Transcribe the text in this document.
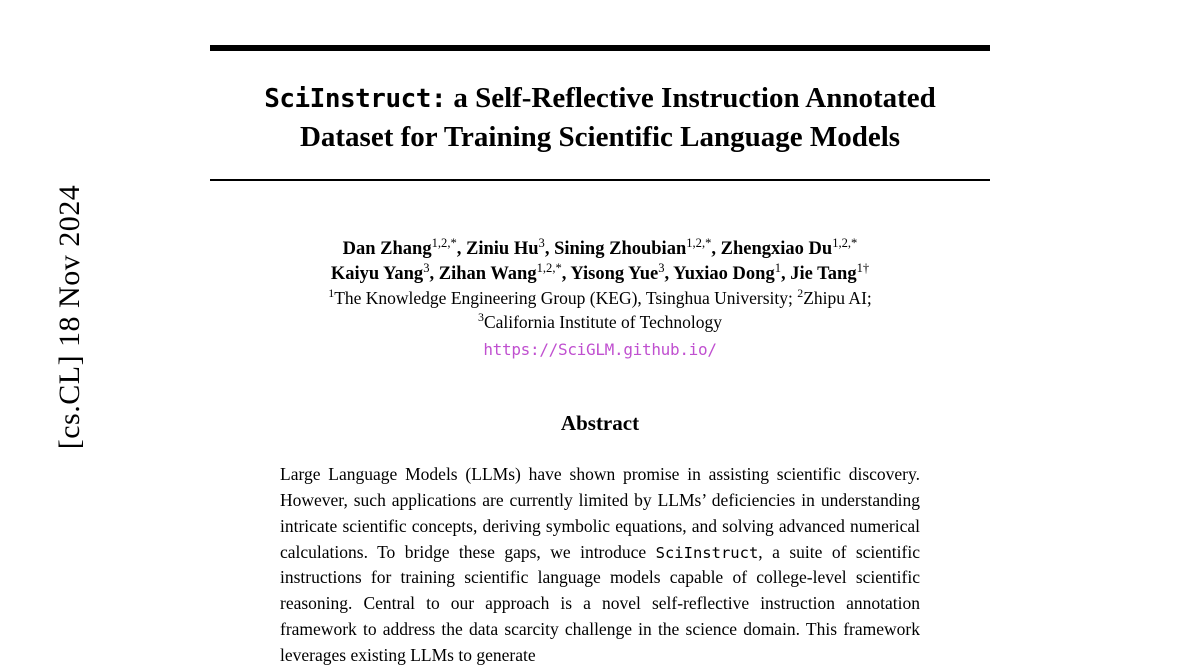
[cs.CL] 18 Nov 2024
SciInstruct: a Self-Reflective Instruction Annotated
Dataset for Training Scientific Language Models
Dan Zhang$^{1,2,*}$, Ziniu Hu$^3$, Sining Zhoubian$^{1,2,*}$, Zhengxiao $Du^{1,2,*}$
Kaiyu Yang$^3$, Zihan Wang$^{1,2,*}$, Yisong Yue$^3$, Yuxiao Dong$^1$, Jie Tang$^{1\dagger}$
$^1$The Knowledge Engineering Group (KEG), Tsinghua University; $^2$Zhipu AI;
$^3$California Institute of Technology
https://SciGLM.github.io/
Abstract
Large Language Models (LLMs) have shown promise in assisting scientific discovery. However, such applications are currently limited by LLMs’ deficiencies in understanding intricate scientific concepts, deriving symbolic equations, and solving advanced numerical calculations. To bridge these gaps, we introduce SciInstruct, a suite of scientific instructions for training scientific language models capable of college-level scientific reasoning. Central to our approach is a novel self-reflective instruction annotation framework to address the data scarcity challenge in the science domain. This framework leverages existing LLMs to generate
